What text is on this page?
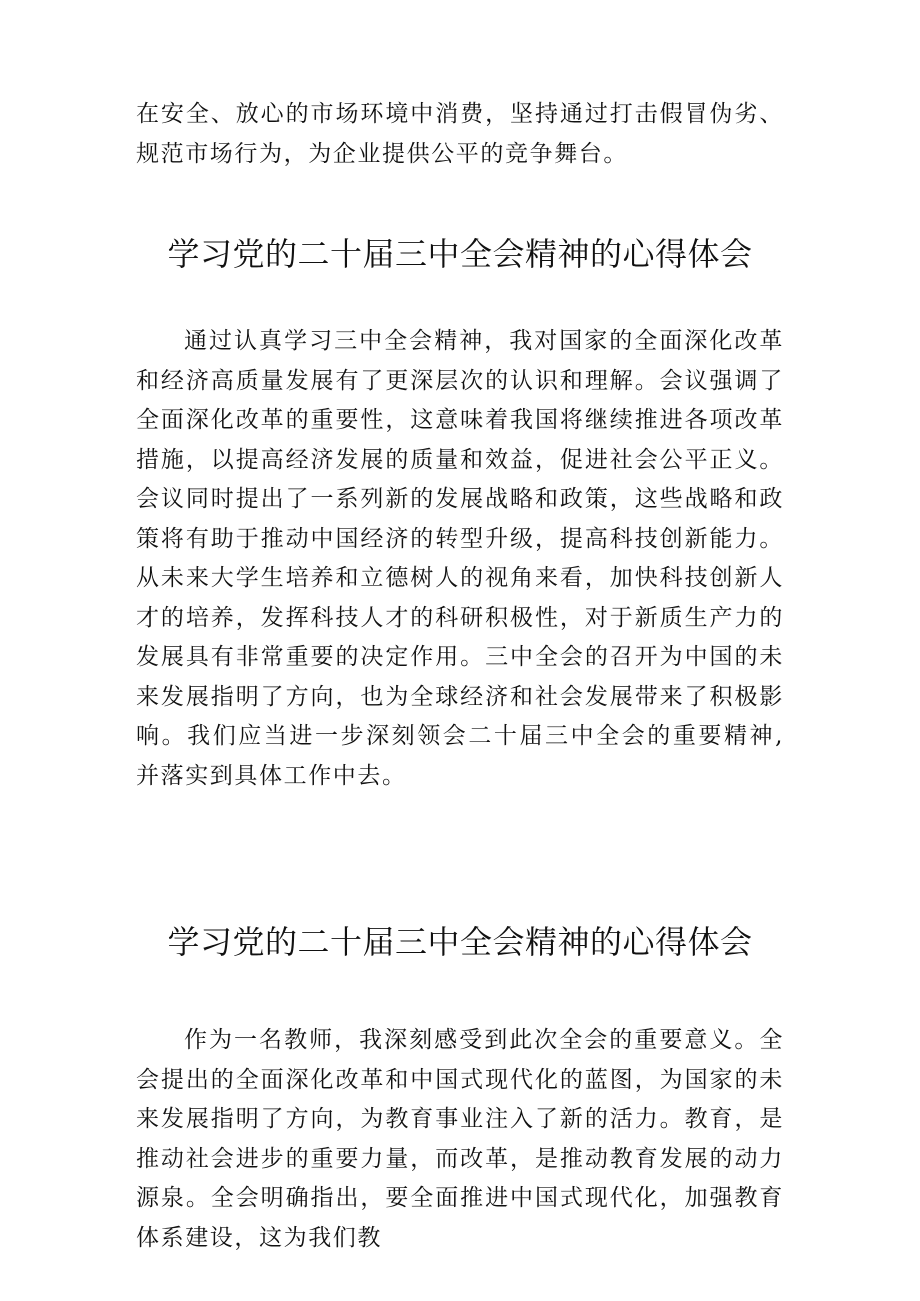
在安全、放心的市场环境中消费，坚持通过打击假冒伪劣、规范市场行为，为企业提供公平的竞争舞台。

学习党的二十届三中全会精神的心得体会

通过认真学习三中全会精神，我对国家的全面深化改革和经济高质量发展有了更深层次的认识和理解。会议强调了全面深化改革的重要性，这意味着我国将继续推进各项改革措施，以提高经济发展的质量和效益，促进社会公平正义。会议同时提出了一系列新的发展战略和政策，这些战略和政策将有助于推动中国经济的转型升级，提高科技创新能力。从未来大学生培养和立德树人的视角来看，加快科技创新人才的培养，发挥科技人才的科研积极性，对于新质生产力的发展具有非常重要的决定作用。三中全会的召开为中国的未来发展指明了方向，也为全球经济和社会发展带来了积极影响。我们应当进一步深刻领会二十届三中全会的重要精神,并落实到具体工作中去。

学习党的二十届三中全会精神的心得体会

作为一名教师，我深刻感受到此次全会的重要意义。全会提出的全面深化改革和中国式现代化的蓝图，为国家的未来发展指明了方向，为教育事业注入了新的活力。教育，是推动社会进步的重要力量，而改革，是推动教育发展的动力源泉。全会明确指出，要全面推进中国式现代化，加强教育体系建设，这为我们教
